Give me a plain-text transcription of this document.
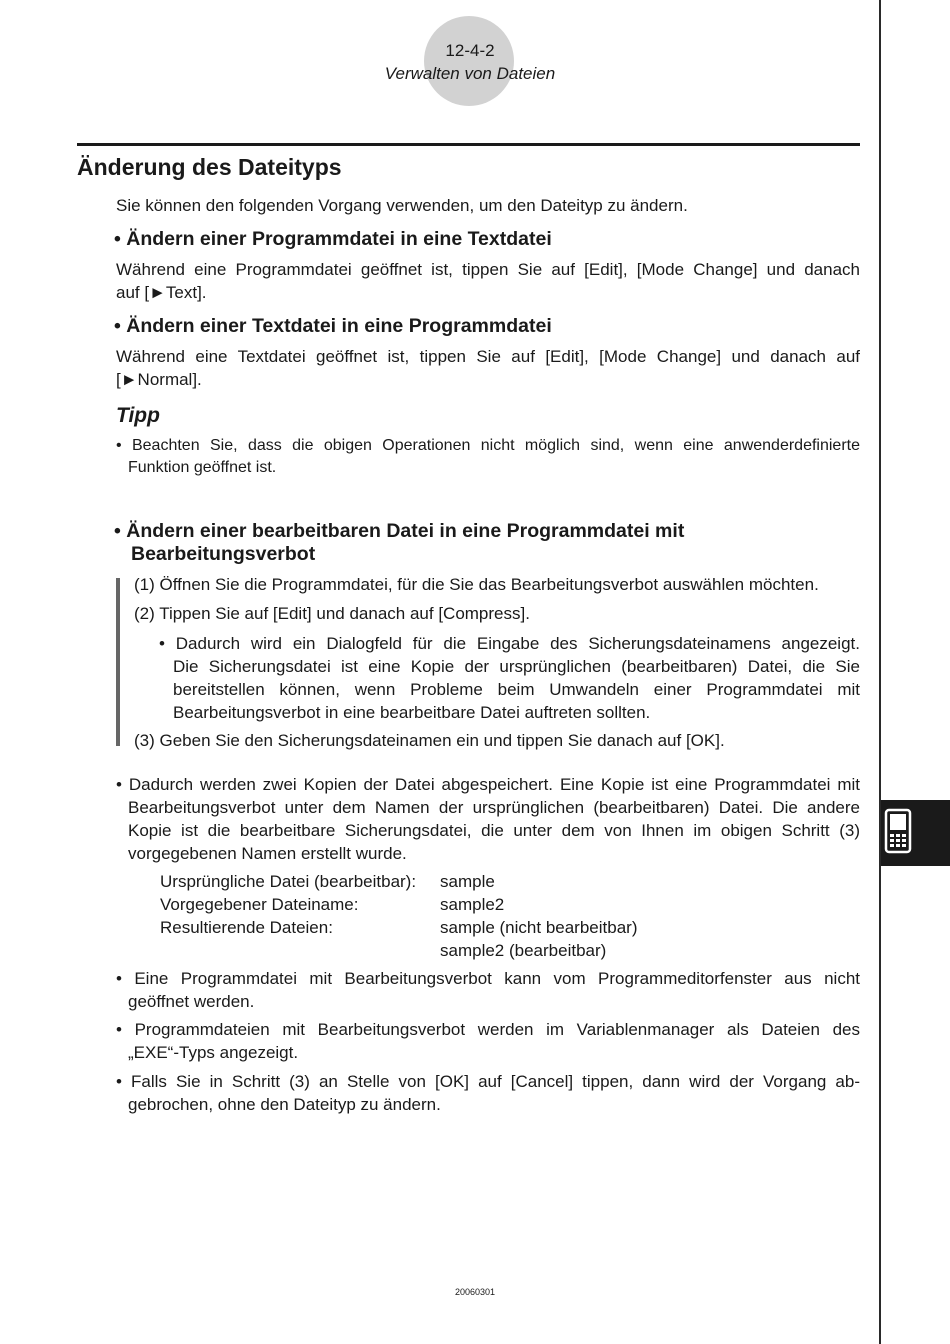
12-4-2
Verwalten von Dateien
Änderung des Dateityps
Sie können den folgenden Vorgang verwenden, um den Dateityp zu ändern.
• Ändern einer Programmdatei in eine Textdatei
Während eine Programmdatei geöffnet ist, tippen Sie auf [Edit], [Mode Change] und danach
auf [►Text].
• Ändern einer Textdatei in eine Programmdatei
Während eine Textdatei geöffnet ist, tippen Sie auf [Edit], [Mode Change] und danach auf
[►Normal].
Tipp
• Beachten Sie, dass die obigen Operationen nicht möglich sind, wenn eine anwenderdefinierte
Funktion geöffnet ist.
• Ändern einer bearbeitbaren Datei in eine Programmdatei mit
Bearbeitungsverbot
(1) Öffnen Sie die Programmdatei, für die Sie das Bearbeitungsverbot auswählen möchten.
(2) Tippen Sie auf [Edit] und danach auf [Compress].
• Dadurch wird ein Dialogfeld für die Eingabe des Sicherungsdateinamens angezeigt.
Die Sicherungsdatei ist eine Kopie der ursprünglichen (bearbeitbaren) Datei, die Sie
bereitstellen können, wenn Probleme beim Umwandeln einer Programmdatei mit
Bearbeitungsverbot in eine bearbeitbare Datei auftreten sollten.
(3) Geben Sie den Sicherungsdateinamen ein und tippen Sie danach auf [OK].
• Dadurch werden zwei Kopien der Datei abgespeichert. Eine Kopie ist eine Programmdatei mit
Bearbeitungsverbot unter dem Namen der ursprünglichen (bearbeitbaren) Datei. Die andere
Kopie ist die bearbeitbare Sicherungsdatei, die unter dem von Ihnen im obigen Schritt (3)
vorgegebenen Namen erstellt wurde.
Ursprüngliche Datei (bearbeitbar): sample
Vorgegebener Dateiname:	sample2
Resultierende Dateien:	sample (nicht bearbeitbar)
sample2 (bearbeitbar)
• Eine Programmdatei mit Bearbeitungsverbot kann vom Programmeditorfenster aus nicht
geöffnet werden.
• Programmdateien mit Bearbeitungsverbot werden im Variablenmanager als Dateien des
„EXE“-Typs angezeigt.
• Falls Sie in Schritt (3) an Stelle von [OK] auf [Cancel] tippen, dann wird der Vorgang ab-
gebrochen, ohne den Dateityp zu ändern.
20060301
